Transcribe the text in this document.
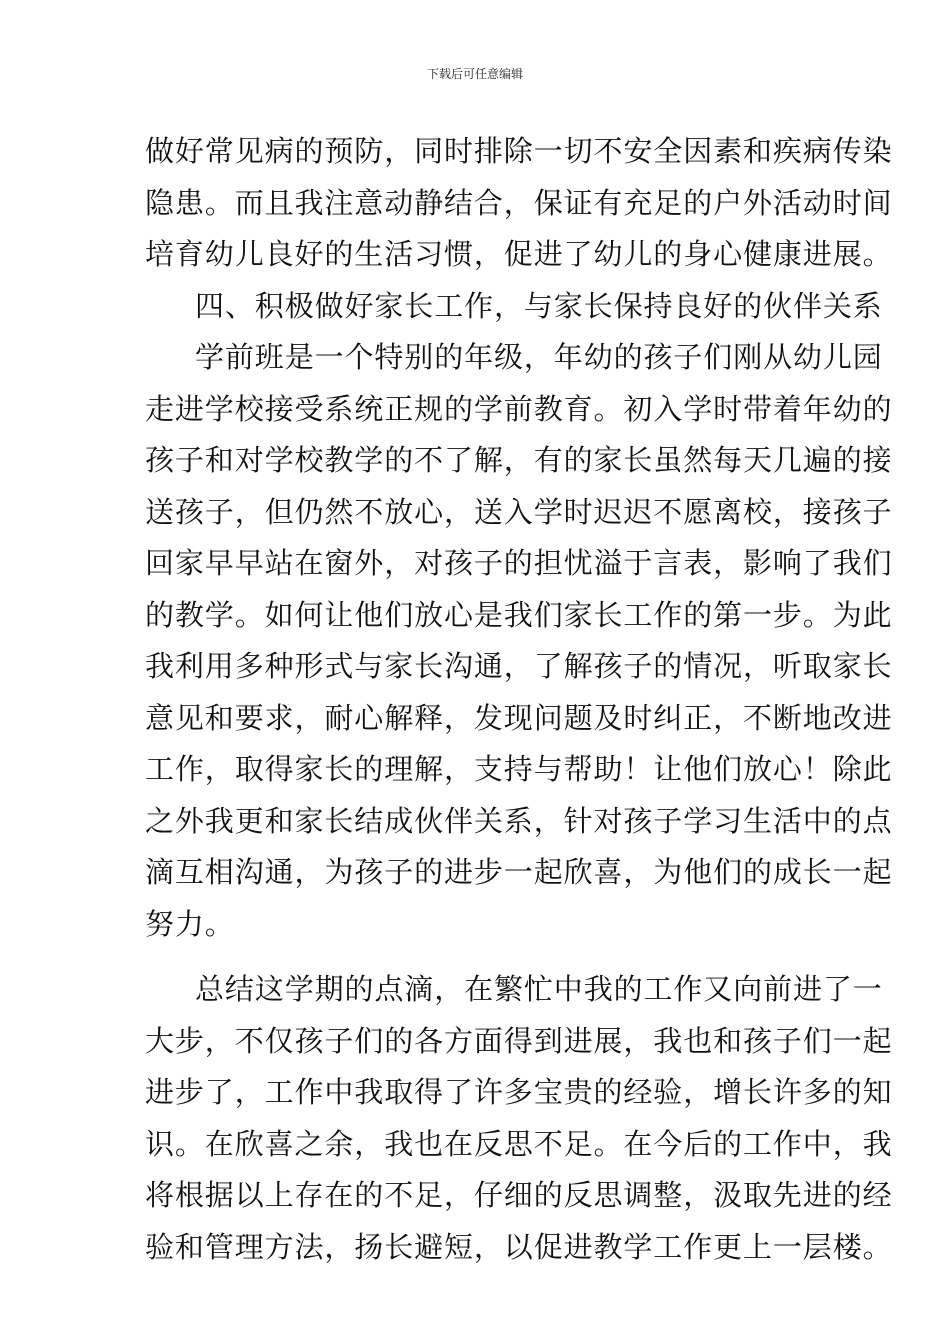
下载后可任意编辑
做好常见病的预防，同时排除一切不安全因素和疾病传染
隐患。而且我注意动静结合，保证有充足的户外活动时间
培育幼儿良好的生活习惯，促进了幼儿的身心健康进展。
四、积极做好家长工作，与家长保持良好的伙伴关系
学前班是一个特别的年级，年幼的孩子们刚从幼儿园
走进学校接受系统正规的学前教育。初入学时带着年幼的
孩子和对学校教学的不了解，有的家长虽然每天几遍的接
送孩子，但仍然不放心，送入学时迟迟不愿离校，接孩子
回家早早站在窗外，对孩子的担忧溢于言表，影响了我们
的教学。如何让他们放心是我们家长工作的第一步。为此
我利用多种形式与家长沟通，了解孩子的情况，听取家长
意见和要求，耐心解释，发现问题及时纠正，不断地改进
工作，取得家长的理解，支持与帮助！让他们放心！除此
之外我更和家长结成伙伴关系，针对孩子学习生活中的点
滴互相沟通，为孩子的进步一起欣喜，为他们的成长一起
努力。
总结这学期的点滴，在繁忙中我的工作又向前进了一
大步，不仅孩子们的各方面得到进展，我也和孩子们一起
进步了，工作中我取得了许多宝贵的经验，增长许多的知
识。在欣喜之余，我也在反思不足。在今后的工作中，我
将根据以上存在的不足，仔细的反思调整，汲取先进的经
验和管理方法，扬长避短，以促进教学工作更上一层楼。
